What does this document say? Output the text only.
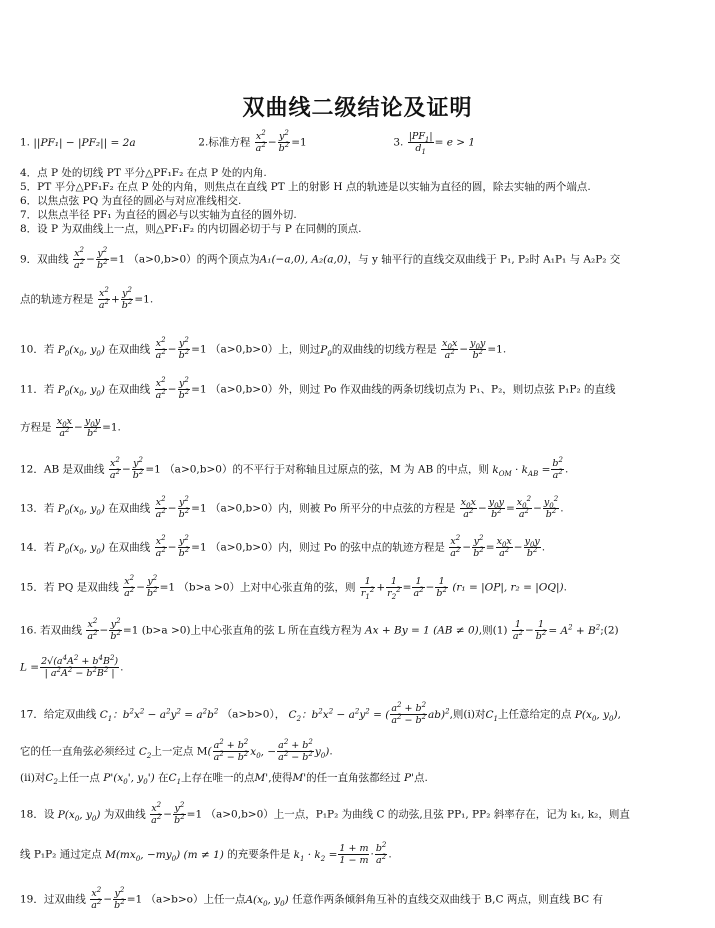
双曲线二级结论及证明
1. ||PF₁| − |PF₂|| = 2a	2.标准方程 $\frac{x^2}{a^2} - \frac{y^2}{b^2} =1$	3. $\frac{|PF_1|}{d_1} = e > 1$
4．点 P 处的切线 PT 平分△PF₁F₂ 在点 P 处的内角.
5．PT 平分△PF₁F₂ 在点 P 处的内角，则焦点在直线 PT 上的射影 H 点的轨迹是以实轴为直径的圆，除去实轴的两个端点.
6．以焦点弦 PQ 为直径的圆必与对应准线相交.
7．以焦点半径 PF₁ 为直径的圆必与以实轴为直径的圆外切.
8．设 P 为双曲线上一点，则△PF₁F₂ 的内切圆必切于与 P 在同侧的顶点.
9．双曲线 $\frac{x^2}{a^2} - \frac{y^2}{b^2} =1$ （a>0,b>0）的两个顶点为A₁(−a,0), A₂(a,0)，与 y 轴平行的直线交双曲线于 P₁, P₂时 A₁P₁ 与 A₂P₂ 交
点的轨迹方程是 $\frac{x^2}{a^2} + \frac{y^2}{b^2} =1$.
10．若 $P_0(x_0$, $y_0$) 在双曲线 $\frac{x^2}{a^2} - \frac{y^2}{b^2} =1$ （a>0,b>0）上，则过$P_0$的双曲线的切线方程是 $\frac{x_0x}{a^2} - \frac{y_0y}{b^2} =1$.
11．若 $P_0(x_0$, $y_0$) 在双曲线 $\frac{x^2}{a^2} - \frac{y^2}{b^2} =1$ （a>0,b>0）外，则过 Po 作双曲线的两条切线切点为 P₁、P₂，则切点弦 P₁P₂ 的直线
方程是 $\frac{x_0x}{a^2} - \frac{y_0y}{b^2} =1$.
12．AB 是双曲线 $\frac{x^2}{a^2} - \frac{y^2}{b^2} =1$ （a>0,b>0）的不平行于对称轴且过原点的弦，M 为 AB 的中点，则 $k_{OM} \cdot k_{AB} = \frac{b^2}{a^2}$ .
13．若 $P_0(x_0$, $y_0$) 在双曲线 $\frac{x^2}{a^2} - \frac{y^2}{b^2} =1$ （a>0,b>0）内，则被 Po 所平分的中点弦的方程是 $\frac{x_0x}{a^2} - \frac{y_0y}{b^2} = \frac{x_0^2}{a^2} - \frac{y_0^2}{b^2}$ .
14．若 $P_0(x_0$, $y_0$) 在双曲线 $\frac{x^2}{a^2} - \frac{y^2}{b^2} =1$ （a>0,b>0）内，则过 Po 的弦中点的轨迹方程是 $\frac{x^2}{a^2} - \frac{y^2}{b^2} = \frac{x_0x}{a^2} - \frac{y_0y}{b^2}$ .
15．若 PQ 是双曲线 $\frac{x^2}{a^2} - \frac{y^2}{b^2} =1$ （b>a >0）上对中心张直角的弦，则 $\frac{1}{r_1^2} + \frac{1}{r_2^2} = \frac{1}{a^2} - \frac{1}{b^2} (r_1 = |OP|$, r₂ = |OQ|).
16. 若双曲线 $\frac{x^2}{a^2} - \frac{y^2}{b^2} =1$ (b>a >0)上中心张直角的弦 L 所在直线方程为 Ax + By = 1 (AB ≠ 0),则$(1) \frac{1}{a^2} - \frac{1}{b^2} = A^2$ + $B^2;(2)$
$L = \frac{2√(a^4A^2 + b^4B^2)}{| a^2A^2 - b^2B^2 |}$ .
17．给定双曲线 $C_1$：$b^2x^2 - a^2y^2 = a^2b^2$ （a>b>0）， $C_2$：$b^2x^2 - a^2y^2$ = ( $\frac{a^2 + b^2}{a^2 - b^2} ab)^2$,则(i)对$C_1$上任意给定的点 $P(x_0$, $y_0$),
它的任一直角弦必须经过 $C_2$上一定点 $M( \frac{a^2 + b^2}{a^2 - b^2} x_0$, − $\frac{a^2 + b^2}{a^2 - b^2} y_0$).
(ii)对$C_2$上任一点 $P'(x_0'$, $y_0'$) 在$C_1$上存在唯一的点M',使得M'的任一直角弦都经过 P'点.
18．设 $P(x_0$, $y_0$) 为双曲线 $\frac{x^2}{a^2} - \frac{y^2}{b^2} =1$ （a>0,b>0）上一点，P₁P₂ 为曲线 C 的动弦,且弦 PP₁, PP₂ 斜率存在，记为 k₁, k₂，则直
线 P₁P₂ 通过定点 $M(mx_0$, $-my_0$) (m ≠ 1) 的充要条件是 $k_1 \cdot k_2 = \frac{1 + m}{1 - m} \cdot \frac{b^2}{a^2}$ .
19．过双曲线 $\frac{x^2}{a^2} - \frac{y^2}{b^2} =1$ （a>b>o）上任一点$A(x_0$, $y_0$) 任意作两条倾斜角互补的直线交双曲线于 B,C 两点，则直线 BC 有
